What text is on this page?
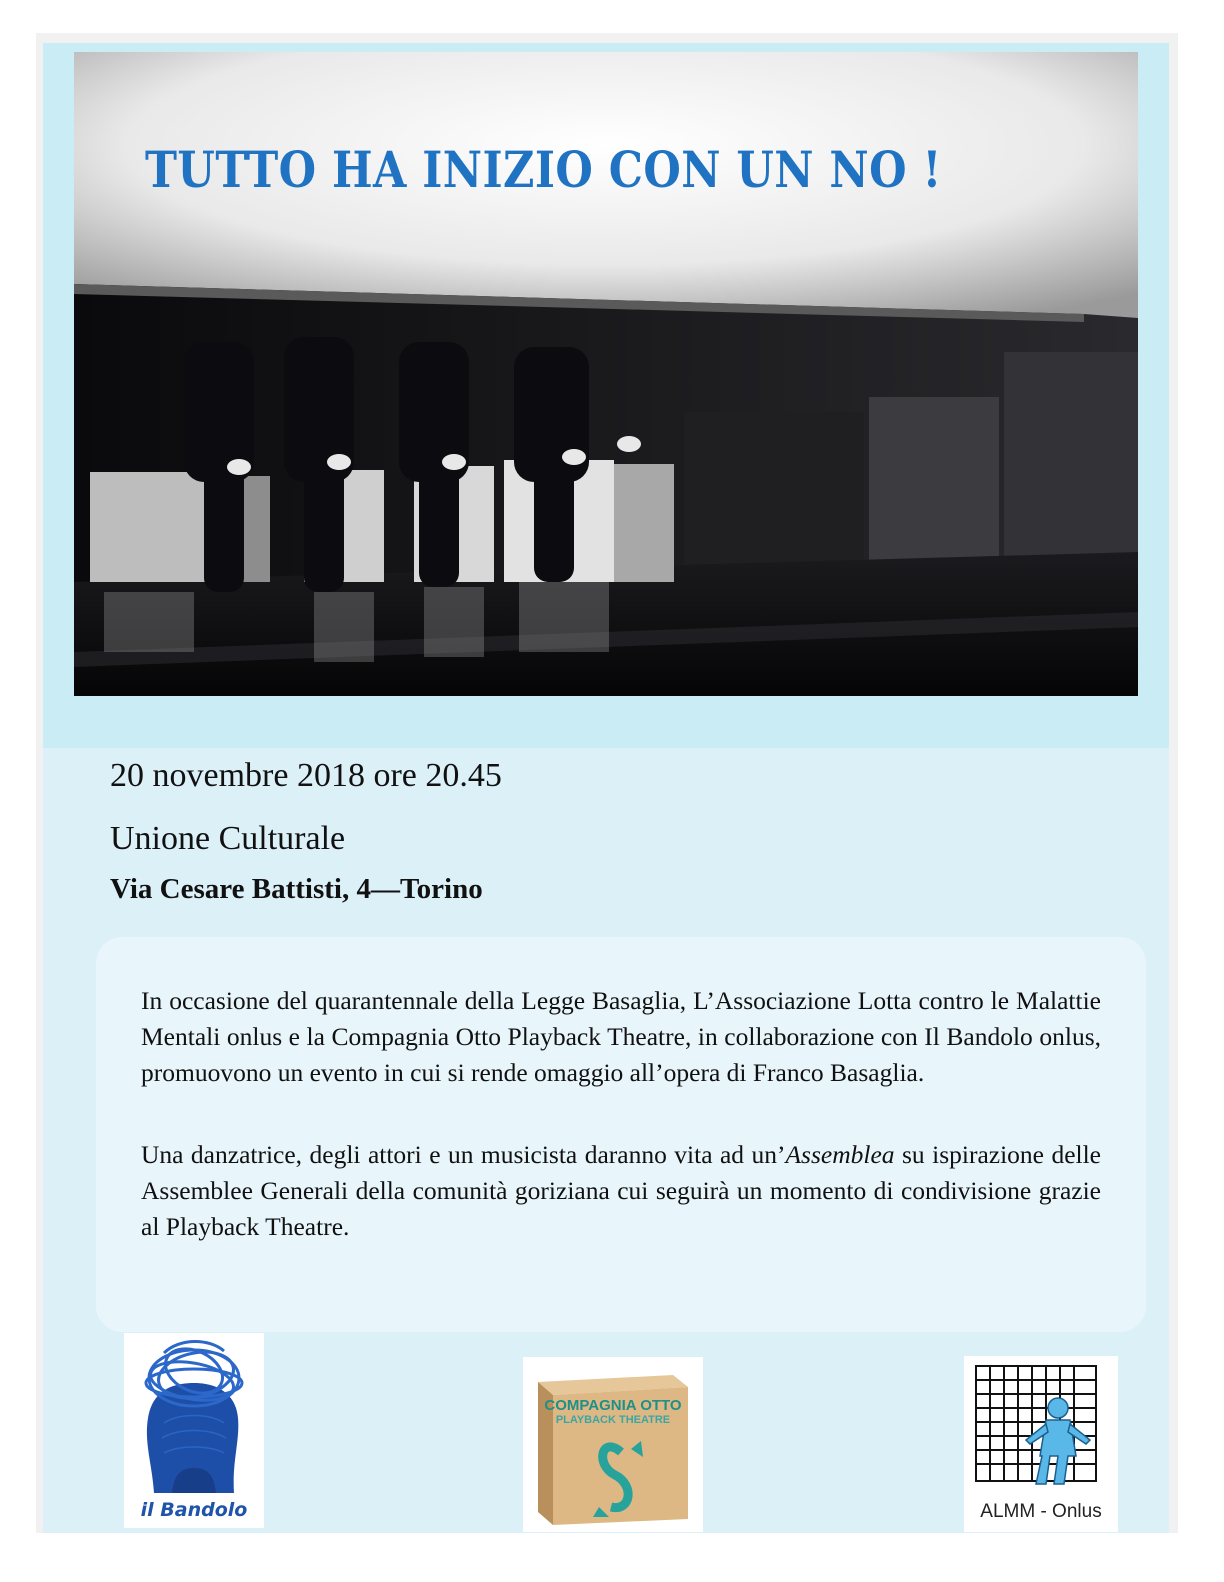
TUTTO HA INIZIO CON UN NO !
20 novembre 2018 ore 20.45
Unione Culturale
Via Cesare Battisti, 4—Torino

In occasione del quarantennale della Legge Basaglia, L’Associazione Lotta contro le Malattie Mentali onlus e la Compagnia Otto Playback Theatre, in collaborazione con Il Bandolo onlus, promuovono un evento in cui si rende omaggio all’opera di Franco Basaglia.

Una danzatrice, degli attori e un musicista daranno vita ad un’Assemblea su ispirazione delle Assemblee Generali della comunità goriziana cui seguirà un momento di condivisione grazie al Playback Theatre.

il Bandolo
COMPAGNIA OTTO
PLAYBACK THEATRE
ALMM - Onlus
